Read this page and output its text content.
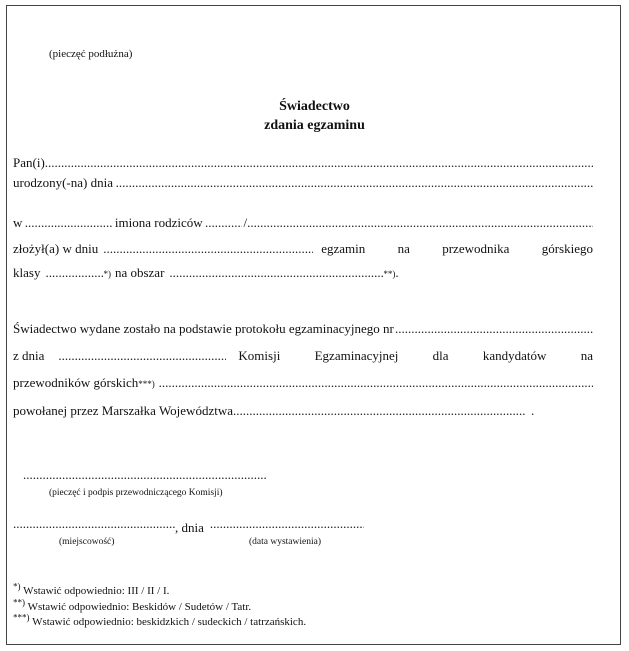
(pieczęć podłużna)
Świadectwo
zdania egzaminu
Pan(i)
.....
urodzony(-na) dnia
.....
w .....	imiona rodziców .....	/
.....
złożył(a) w dniu .....	egzamin na przewodnika górskiego
klasy .....	*) na obszar .....	**) .
Świadectwo wydane zostało na podstawie protokołu egzaminacyjnego nr
.....
z dnia .....	Komisji Egzaminacyjnej dla kandydatów na
przewodników górskich ***)
.....
powołanej przez Marszałka Województwa .....	.
.....
(pieczęć i podpis przewodniczącego Komisji)
....., dnia.....
(miejscowość)	(data wystawienia)
*) Wstawić odpowiednio: III / II / I.
**) Wstawić odpowiednio: Beskidów / Sudetów / Tatr.
***) Wstawić odpowiednio: beskidzkich / sudeckich / tatrzańskich.
